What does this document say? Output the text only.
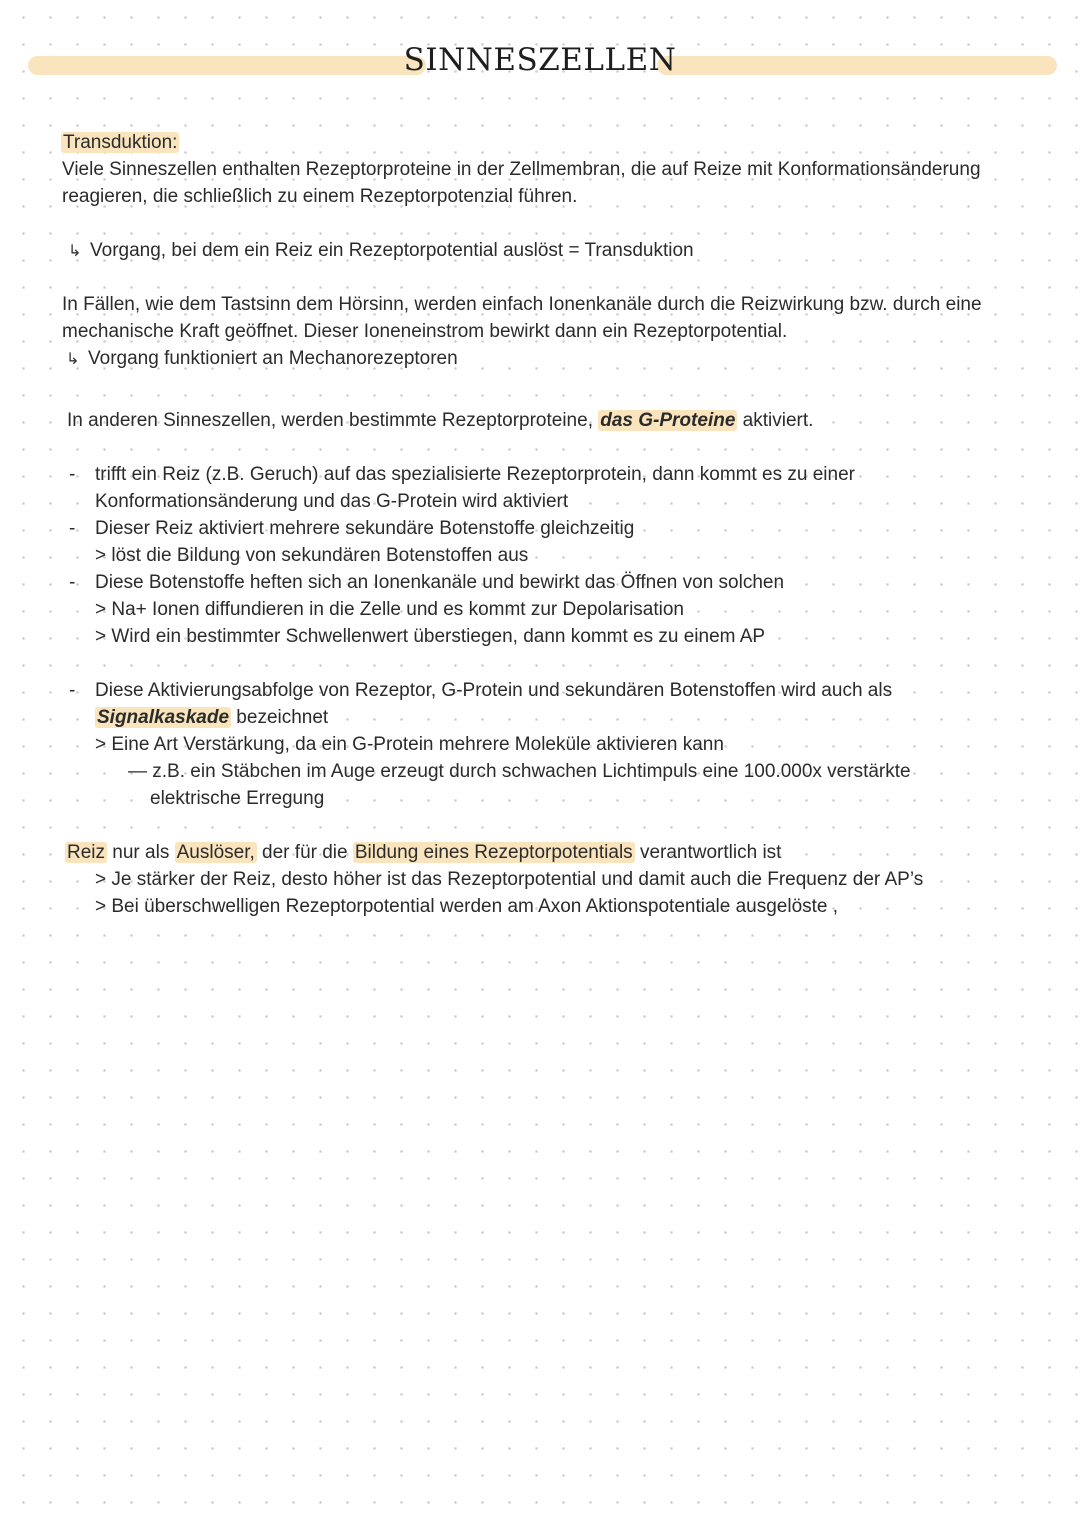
SINNESZELLEN
Transduktion:
Viele Sinneszellen enthalten Rezeptorproteine in der Zellmembran, die auf Reize mit Konformationsänderung
reagieren, die schließlich zu einem Rezeptorpotenzial führen.
↳ Vorgang, bei dem ein Reiz ein Rezeptorpotential auslöst = Transduktion
In Fällen, wie dem Tastsinn dem Hörsinn, werden einfach Ionenkanäle durch die Reizwirkung bzw. durch eine
mechanische Kraft geöffnet. Dieser Ioneneinstrom bewirkt dann ein Rezeptorpotential.
↳ Vorgang funktioniert an Mechanorezeptoren
In anderen Sinneszellen, werden bestimmte Rezeptorproteine, das G-Proteine aktiviert.
- trifft ein Reiz (z.B. Geruch) auf das spezialisierte Rezeptorprotein, dann kommt es zu einer
Konformationsänderung und das G-Protein wird aktiviert
- Dieser Reiz aktiviert mehrere sekundäre Botenstoffe gleichzeitig
> löst die Bildung von sekundären Botenstoffen aus
- Diese Botenstoffe heften sich an Ionenkanäle und bewirkt das Öffnen von solchen
> Na+ Ionen diffundieren in die Zelle und es kommt zur Depolarisation
> Wird ein bestimmter Schwellenwert überstiegen, dann kommt es zu einem AP
- Diese Aktivierungsabfolge von Rezeptor, G-Protein und sekundären Botenstoffen wird auch als
Signalkaskade bezeichnet
> Eine Art Verstärkung, da ein G-Protein mehrere Moleküle aktivieren kann
— z.B. ein Stäbchen im Auge erzeugt durch schwachen Lichtimpuls eine 100.000x verstärkte
elektrische Erregung
Reiz nur als Auslöser, der für die Bildung eines Rezeptorpotentials verantwortlich ist
> Je stärker der Reiz, desto höher ist das Rezeptorpotential und damit auch die Frequenz der AP’s
> Bei überschwelligen Rezeptorpotential werden am Axon Aktionspotentiale ausgelöste ,
